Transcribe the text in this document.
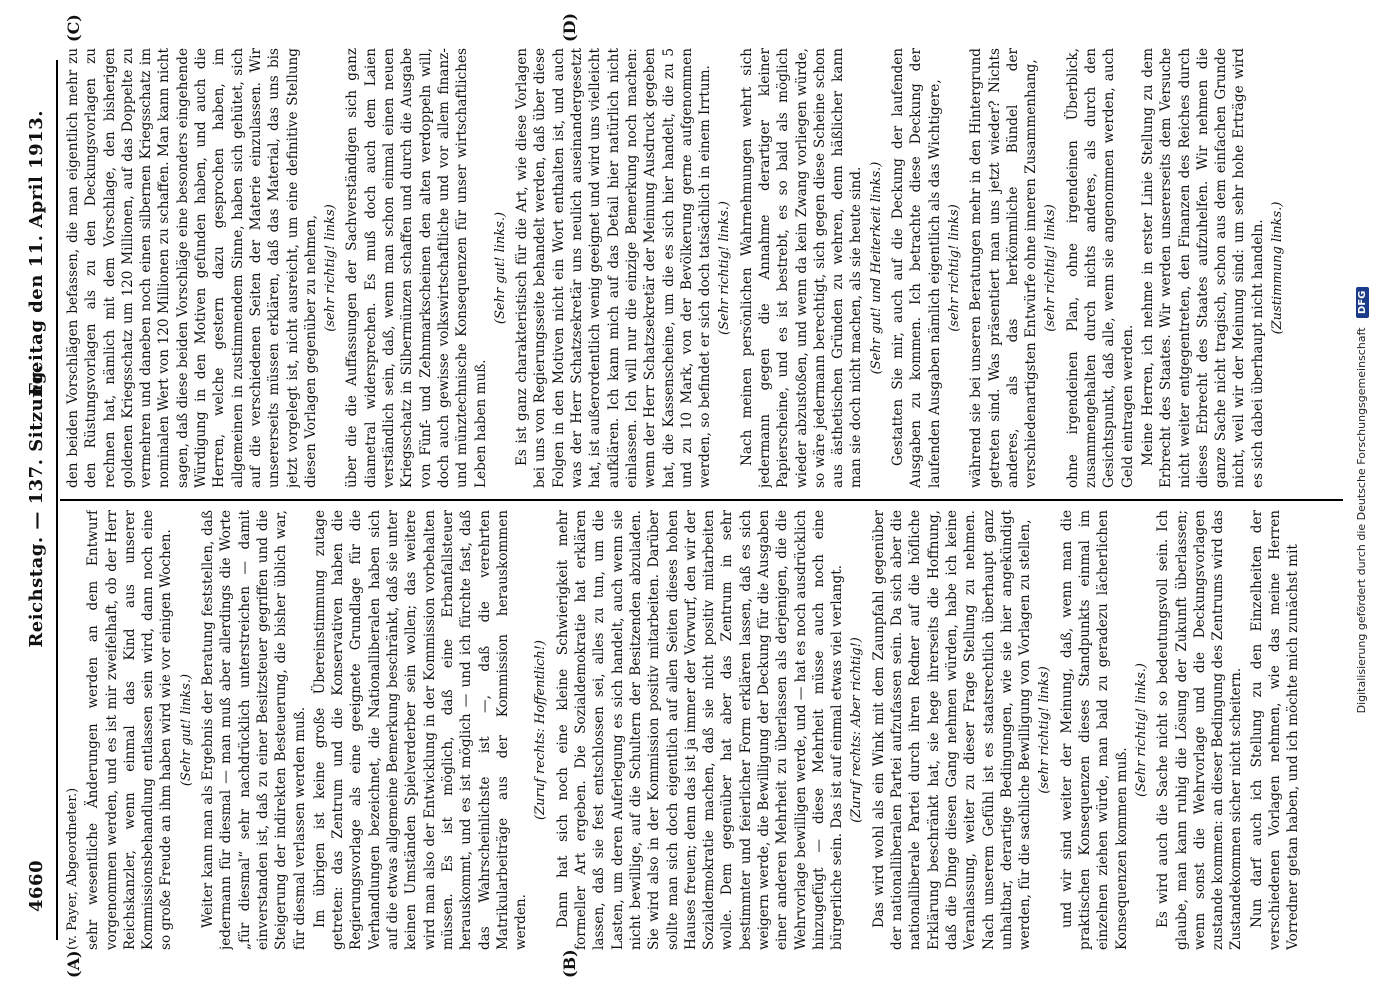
4660
Reichstag. — 137. Sitzung.
Freitag den 11. April 1913.
(A)	(B)
(C)	(D)

(v. Payer, Abgeordneter.) sehr wesentliche Änderungen werden an dem Entwurf vorgenommen werden, und es ist mir zweifelhaft, ob der Herr Reichskanzler, wenn einmal das Kind aus unserer Kommissionsbehandlung entlassen sein wird, dann noch eine so große Freude an ihm haben wird wie vor einigen Wochen. (Sehr gut! links.) Weiter kann man als Ergebnis der Beratung feststellen, daß jedermann für diesmal — man muß aber allerdings die Worte „für diesmal“ sehr nachdrücklich unterstreichen — damit einverstanden ist, daß zu einer Besitzsteuer gegriffen und die Steigerung der indirekten Besteuerung, die bisher üblich war, für diesmal verlassen werden muß. Im übrigen ist keine große Übereinstimmung zutage getreten: das Zentrum und die Konservativen haben die Regierungsvorlage als eine geeignete Grundlage für die Verhandlungen bezeichnet, die Nationalliberalen haben sich auf die etwas allgemeine Bemerkung beschränkt, daß sie unter keinen Umständen Spielverderber sein wollen; das weitere wird man also der Entwicklung in der Kommission vorbehalten müssen. Es ist möglich, daß eine Erbanfallsteuer herauskommt, und es ist möglich — und ich fürchte fast, daß das Wahrscheinlichste ist —, daß die verehrten Matrikularbeiträge aus der Kommission herauskommen werden.

(Zuruf rechts: Hoffentlich!) Dann hat sich noch eine kleine Schwierigkeit mehr formeller Art ergeben. Die Sozialdemokratie hat erklären lassen, daß sie fest entschlossen sei, alles zu tun, um die Lasten, um deren Auferlegung es sich handelt, auch wenn sie nicht bewillige, auf die Schultern der Besitzenden abzuladen. Sie wird also in der Kommission positiv mitarbeiten. Darüber sollte man sich doch eigentlich auf allen Seiten dieses hohen Hauses freuen; denn das ist ja immer der Vorwurf, den wir der Sozialdemokratie machen, daß sie nicht positiv mitarbeiten wolle. Dem gegenüber hat aber das Zentrum in sehr bestimmter und feierlicher Form erklären lassen, daß es sich weigern werde, die Bewilligung der Deckung für die Ausgaben einer anderen Mehrheit zu überlassen als derjenigen, die die Wehrvorlage bewilligen werde, und — hat es noch ausdrücklich hinzugefügt — diese Mehrheit müsse auch noch eine bürgerliche sein. Das ist auf einmal etwas viel verlangt. (Zuruf rechts: Aber richtig!) Das wird wohl als ein Wink mit dem Zaunpfahl gegenüber der nationalliberalen Partei aufzufassen sein. Da sich aber die nationalliberale Partei durch ihren Redner auf die höfliche Erklärung beschränkt hat, sie hege ihrerseits die Hoffnung, daß die Dinge diesen Gang nehmen würden, habe ich keine Veranlassung, weiter zu dieser Frage Stellung zu nehmen. Nach unserem Gefühl ist es staatsrechtlich überhaupt ganz unhaltbar, derartige Bedingungen, wie sie hier angekündigt werden, für die sachliche Bewilligung von Vorlagen zu stellen, (sehr richtig! links) und wir sind weiter der Meinung, daß, wenn man die praktischen Konsequenzen dieses Standpunkts einmal im einzelnen ziehen würde, man bald zu geradezu lächerlichen Konsequenzen kommen muß.

(Sehr richtig! links.) Es wird auch die Sache nicht so bedeutungsvoll sein. Ich glaube, man kann ruhig die Lösung der Zukunft überlassen; wenn sonst die Wehrvorlage und die Deckungsvorlagen zustande kommen: an dieser Bedingung des Zentrums wird das Zustandekommen sicher nicht scheitern. Nun darf auch ich Stellung zu den Einzelheiten der verschiedenen Vorlagen nehmen, wie das meine Herren Vorredner getan haben, und ich möchte mich zunächst mit

den beiden Vorschlägen befassen, die man eigentlich mehr zu den Rüstungsvorlagen als zu den Deckungsvorlagen zu rechnen hat, nämlich mit dem Vorschlage, den bisherigen goldenen Kriegsschatz um 120 Millionen, auf das Doppelte zu vermehren und daneben noch einen silbernen Kriegsschatz im nominalen Wert von 120 Millionen zu schaffen. Man kann nicht sagen, daß diese beiden Vorschläge eine besonders eingehende Würdigung in den Motiven gefunden haben, und auch die Herren, welche gestern dazu gesprochen haben, im allgemeinen in zustimmendem Sinne, haben sich gehütet, sich auf die verschiedenen Seiten der Materie einzulassen. Wir unsererseits müssen erklären, daß das Material, das uns bis jetzt vorgelegt ist, nicht ausreicht, um eine definitive Stellung diesen Vorlagen gegenüber zu nehmen, (sehr richtig! links) über die die Auffassungen der Sachverständigen sich ganz diametral widersprechen. Es muß doch auch dem Laien verständlich sein, daß, wenn man schon einmal einen neuen Kriegsschatz in Silbermünzen schaffen und durch die Ausgabe von Fünf- und Zehnmarkscheinen den alten verdoppeln will, doch auch gewisse volkswirtschaftliche und vor allem finanz- und münztechnische Konsequenzen für unser wirtschaftliches Leben haben muß.

(Sehr gut! links.) Es ist ganz charakteristisch für die Art, wie diese Vorlagen bei uns von Regierungsseite behandelt werden, daß über diese Folgen in den Motiven nicht ein Wort enthalten ist, und auch was der Herr Schatzsekretär uns neulich auseinandergesetzt hat, ist außerordentlich wenig geeignet und wird uns vielleicht aufklären. Ich kann mich auf das Detail hier natürlich nicht einlassen. Ich will nur die einzige Bemerkung noch machen: wenn der Herr Schatzsekretär der Meinung Ausdruck gegeben hat, die Kassenscheine, um die es sich hier handelt, die zu 5 und zu 10 Mark, von der Bevölkerung gerne aufgenommen werden, so befindet er sich doch tatsächlich in einem Irrtum. (Sehr richtig! links.) Nach meinen persönlichen Wahrnehmungen wehrt sich jedermann gegen die Annahme derartiger kleiner Papierscheine, und es ist bestrebt, es so bald als möglich wieder abzustoßen, und wenn da kein Zwang vorliegen würde, so wäre jedermann berechtigt, sich gegen diese Scheine schon aus ästhetischen Gründen zu wehren, denn häßlicher kann man sie doch nicht machen, als sie heute sind. (Sehr gut! und Heiterkeit links.) Gestatten Sie mir, auch auf die Deckung der laufenden Ausgaben zu kommen. Ich betrachte diese Deckung der laufenden Ausgaben nämlich eigentlich als das Wichtigere, (sehr richtig! links) während sie bei unseren Beratungen mehr in den Hintergrund getreten sind. Was präsentiert man uns jetzt wieder? Nichts anderes, als das herkömmliche Bündel der verschiedenartigsten Entwürfe ohne inneren Zusammenhang, (sehr richtig! links) ohne irgendeinen Plan, ohne irgendeinen Überblick, zusammengehalten durch nichts anderes, als durch den Gesichtspunkt, daß alle, wenn sie angenommen werden, auch Geld eintragen werden. Meine Herren, ich nehme in erster Linie Stellung zu dem Erbrecht des Staates. Wir werden unsererseits dem Versuche nicht weiter entgegentreten, den Finanzen des Reiches durch dieses Erbrecht des Staates aufzuhelfen. Wir nehmen die ganze Sache nicht tragisch, schon aus dem einfachen Grunde nicht, weil wir der Meinung sind: um sehr hohe Erträge wird es sich dabei überhaupt nicht handeln. (Zustimmung links.)

Digitalisierung gefördert durch die Deutsche Forschungsgemeinschaft DFG
